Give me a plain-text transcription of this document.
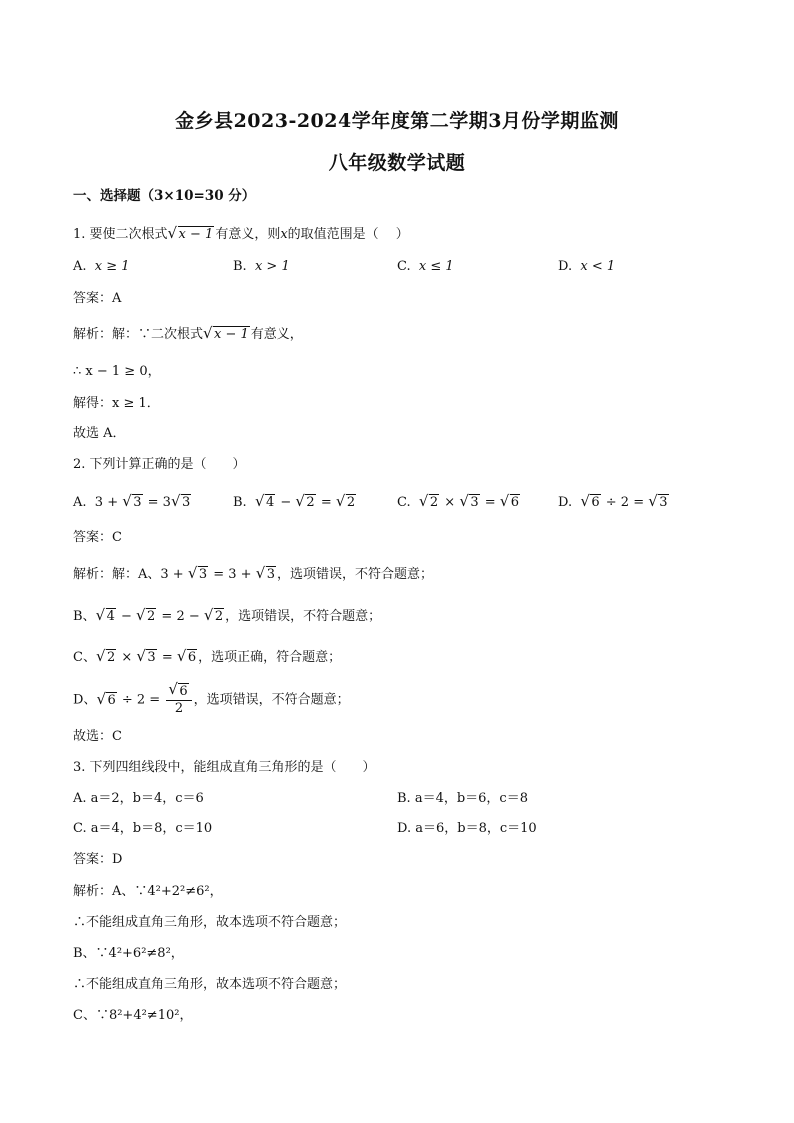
金乡县2023-2024学年度第二学期3月份学期监测
八年级数学试题
一、选择题（3×10=30 分）
1. 要使二次根式 √ x − 1 有意义，则x的取值范围是（　 ）
A. x ≥ 1	B. x > 1	C. x ≤ 1	D. x < 1
答案：A
解析：解：∵二次根式 √ x − 1 有意义，
∴ x − 1 ≥ 0，
解得：x ≥ 1．
故选 A．
2. 下列计算正确的是（　　）
A. 3 + √ 3 = 3 √ 3	B. √ 4 − √ 2 = √ 2	C. √ 2 × √ 3 = √ 6	D. √ 6 ÷ 2 = √ 3
答案：C
解析：解：A、3 + √ 3 = 3 + √ 3 ，选项错误，不符合题意；
B、 √ 4 − √ 2 = 2 − √ 2 ，选项错误，不符合题意；
C、 √ 2 × √ 3 = √ 6 ，选项正确，符合题意；
D、 √ 6 ÷ 2 = √ $\frac{6}{2}$ ，选项错误，不符合题意；
故选：C
3. 下列四组线段中，能组成直角三角形的是（　　）
A. a＝2，b＝4，c＝6	B. a＝4，b＝6，c＝8
C. a＝4，b＝8，c＝10	D. a＝6，b＝8，c＝10
答案：D
解析：A、∵4²+2²≠6²，
∴不能组成直角三角形，故本选项不符合题意；
B、∵4²+6²≠8²，
∴不能组成直角三角形，故本选项不符合题意；
C、∵8²+4²≠10²，
